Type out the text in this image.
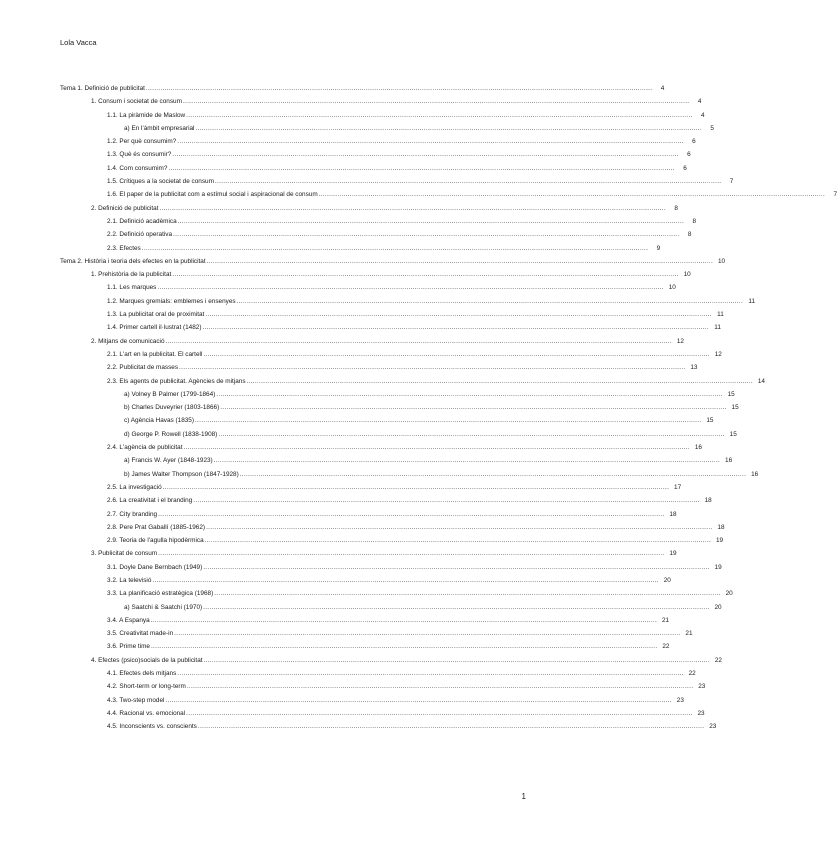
Lola Vacca
Tema 1. Definició de publicitat .....	4
1. Consum i societat de consum .....	4
1.1. La piràmide de Maslow .....	4
a) En l'àmbit empresarial .....	5
1.2. Per què consumim? .....	6
1.3. Què és consumir? .....	6
1.4. Com consumim? .....	6
1.5. Crítiques a la societat de consum .....	7
1.6. El paper de la publicitat com a estímul social i aspiracional de consum .....	7
2. Definició de publicitat .....	8
2.1. Definició acadèmica .....	8
2.2. Definició operativa .....	8
2.3. Efectes .....	9
Tema 2. Història i teoria dels efectes en la publicitat .....	10
1. Prehistòria de la publicitat .....	10
1.1. Les marques .....	10
1.2. Marques gremials: emblemes i ensenyes .....	11
1.3. La publicitat oral de proximitat .....	11
1.4. Primer cartell il·lustrat (1482) .....	11
2. Mitjans de comunicació .....	12
2.1. L'art en la publicitat. El cartell .....	12
2.2. Publicitat de masses .....	13
2.3. Els agents de publicitat. Agències de mitjans .....	14
a) Volney B Palmer (1799-1864) .....	15
b) Charles Duveyrier (1803-1866) .....	15
c) Agència Havas (1835) .....	15
d) George P. Rowell (1838-1908) .....	15
2.4. L'agència de publicitat .....	16
a) Francis W. Ayer (1848-1923) .....	16
b) James Walter Thompson (1847-1928) .....	16
2.5. La investigació .....	17
2.6. La creativitat i el branding .....	18
2.7. City branding .....	18
2.8. Pere Prat Gaballí (1885-1962) .....	18
2.9. Teoria de l'agulla hipodèrmica .....	19
3. Publicitat de consum .....	19
3.1. Doyle Dane Bernbach (1949) .....	19
3.2. La televisió .....	20
3.3. La planificació estratègica (1968) .....	20
a) Saatchi & Saatchi (1970) .....	20
3.4. A Espanya .....	21
3.5. Creativitat made-in .....	21
3.6. Prime time .....	22
4. Efectes (psico)socials de la publicitat .....	22
4.1. Efectes dels mitjans .....	22
4.2. Short-term or long-term .....	23
4.3. Two-step model .....	23
4.4. Racional vs. emocional .....	23
4.5. Inconscients vs. conscients .....	23
1
